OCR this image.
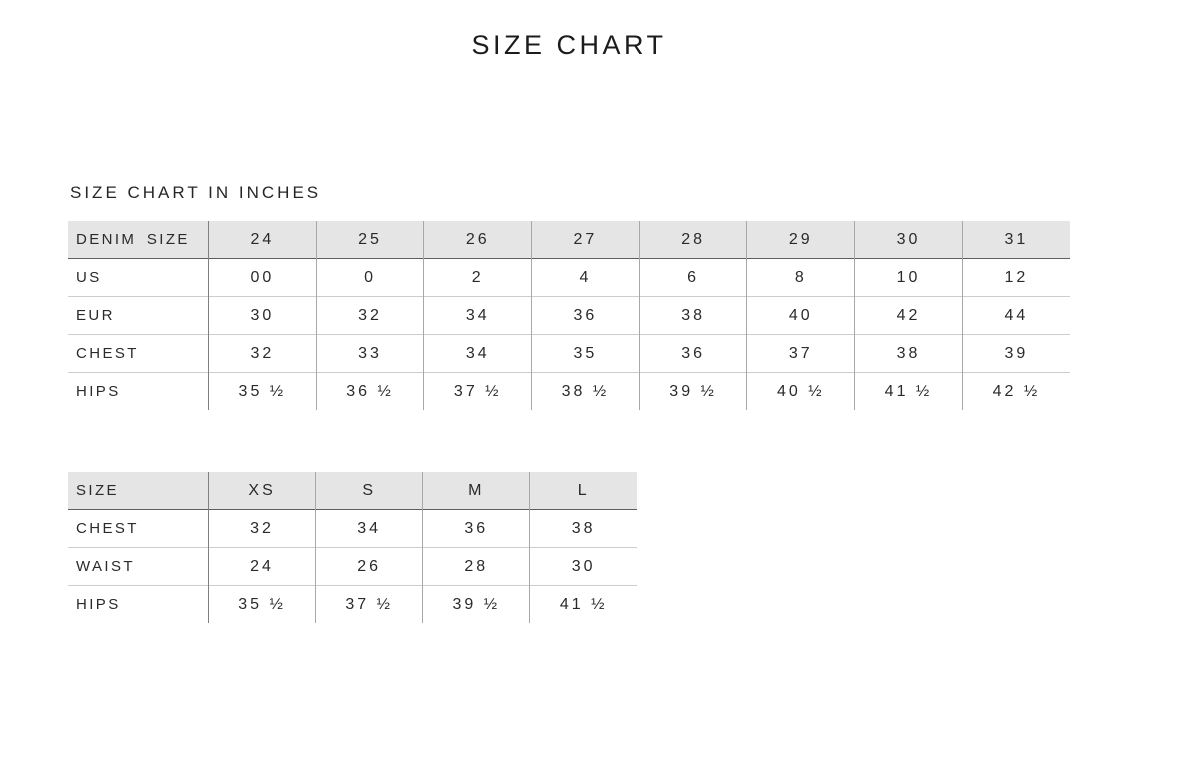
SIZE CHART
SIZE CHART IN INCHES
DENIM SIZE	24	25	26	27	28	29	30	31
US	00	0	2	4	6	8	10	12
EUR	30	32	34	36	38	40	42	44
CHEST	32	33	34	35	36	37	38	39
HIPS	35 ½	36 ½	37 ½	38 ½	39 ½	40 ½	41 ½	42 ½
SIZE	XS	S	M	L
CHEST	32	34	36	38
WAIST	24	26	28	30
HIPS	35 ½	37 ½	39 ½	41 ½
